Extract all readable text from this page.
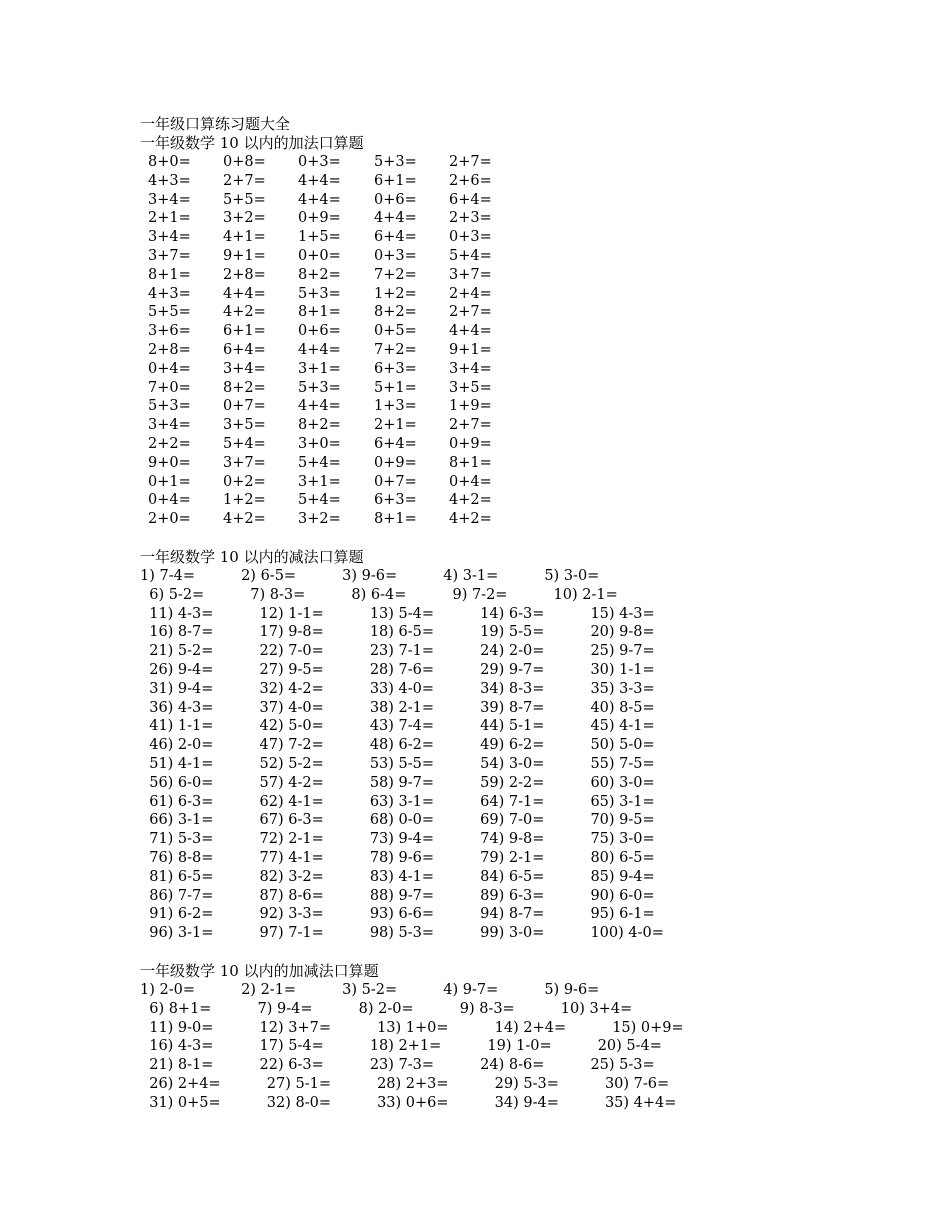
一年级口算练习题大全
一年级数学 10 以内的加法口算题
8+0= 0+8= 0+3= 5+3= 2+7=
4+3= 2+7= 4+4= 6+1= 2+6=
3+4= 5+5= 4+4= 0+6= 6+4=
2+1= 3+2= 0+9= 4+4= 2+3=
3+4= 4+1= 1+5= 6+4= 0+3=
3+7= 9+1= 0+0= 0+3= 5+4=
8+1= 2+8= 8+2= 7+2= 3+7=
4+3= 4+4= 5+3= 1+2= 2+4=
5+5= 4+2= 8+1= 8+2= 2+7=
3+6= 6+1= 0+6= 0+5= 4+4=
2+8= 6+4= 4+4= 7+2= 9+1=
0+4= 3+4= 3+1= 6+3= 3+4=
7+0= 8+2= 5+3= 5+1= 3+5=
5+3= 0+7= 4+4= 1+3= 1+9=
3+4= 3+5= 8+2= 2+1= 2+7=
2+2= 5+4= 3+0= 6+4= 0+9=
9+0= 3+7= 5+4= 0+9= 8+1=
0+1= 0+2= 3+1= 0+7= 0+4=
0+4= 1+2= 5+4= 6+3= 4+2=
2+0= 4+2= 3+2= 8+1= 4+2=
一年级数学 10 以内的减法口算题
1) 7-4=          2) 6-5=          3) 9-6=          4) 3-1=          5) 3-0=
6) 5-2=          7) 8-3=          8) 6-4=          9) 7-2=          10) 2-1=
11) 4-3=          12) 1-1=          13) 5-4=          14) 6-3=          15) 4-3=
16) 8-7=          17) 9-8=          18) 6-5=          19) 5-5=          20) 9-8=
21) 5-2=          22) 7-0=          23) 7-1=          24) 2-0=          25) 9-7=
26) 9-4=          27) 9-5=          28) 7-6=          29) 9-7=          30) 1-1=
31) 9-4=          32) 4-2=          33) 4-0=          34) 8-3=          35) 3-3=
36) 4-3=          37) 4-0=          38) 2-1=          39) 8-7=          40) 8-5=
41) 1-1=          42) 5-0=          43) 7-4=          44) 5-1=          45) 4-1=
46) 2-0=          47) 7-2=          48) 6-2=          49) 6-2=          50) 5-0=
51) 4-1=          52) 5-2=          53) 5-5=          54) 3-0=          55) 7-5=
56) 6-0=          57) 4-2=          58) 9-7=          59) 2-2=          60) 3-0=
61) 6-3=          62) 4-1=          63) 3-1=          64) 7-1=          65) 3-1=
66) 3-1=          67) 6-3=          68) 0-0=          69) 7-0=          70) 9-5=
71) 5-3=          72) 2-1=          73) 9-4=          74) 9-8=          75) 3-0=
76) 8-8=          77) 4-1=          78) 9-6=          79) 2-1=          80) 6-5=
81) 6-5=          82) 3-2=          83) 4-1=          84) 6-5=          85) 9-4=
86) 7-7=          87) 8-6=          88) 9-7=          89) 6-3=          90) 6-0=
91) 6-2=          92) 3-3=          93) 6-6=          94) 8-7=          95) 6-1=
96) 3-1=          97) 7-1=          98) 5-3=          99) 3-0=          100) 4-0=
一年级数学 10 以内的加减法口算题
1) 2-0=          2) 2-1=          3) 5-2=          4) 9-7=          5) 9-6=
6) 8+1=          7) 9-4=          8) 2-0=          9) 8-3=          10) 3+4=
11) 9-0=          12) 3+7=          13) 1+0=          14) 2+4=          15) 0+9=
16) 4-3=          17) 5-4=          18) 2+1=          19) 1-0=          20) 5-4=
21) 8-1=          22) 6-3=          23) 7-3=          24) 8-6=          25) 5-3=
26) 2+4=          27) 5-1=          28) 2+3=          29) 5-3=          30) 7-6=
31) 0+5=          32) 8-0=          33) 0+6=          34) 9-4=          35) 4+4=
